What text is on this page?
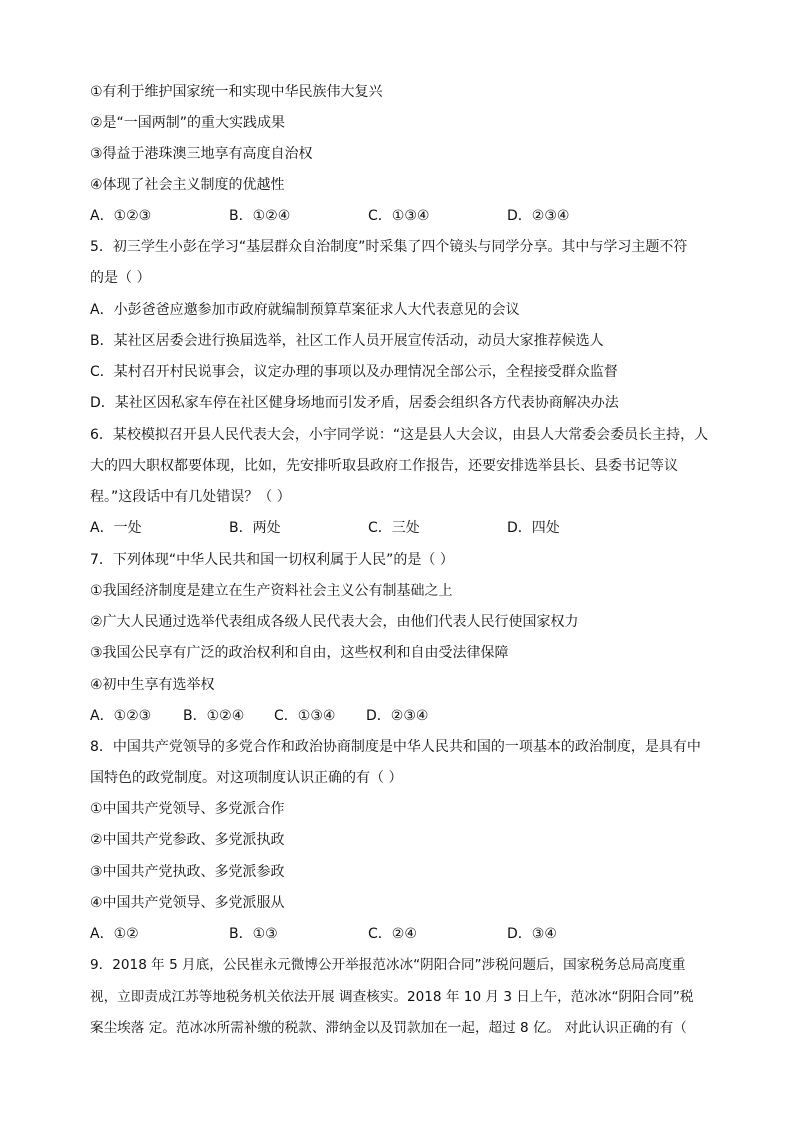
①有利于维护国家统一和实现中华民族伟大复兴
②是“一国两制”的重大实践成果
③得益于港珠澳三地享有高度自治权
④体现了社会主义制度的优越性
A．①②③	B．①②④	C．①③④	D．②③④
5．初三学生小彭在学习“基层群众自治制度”时采集了四个镜头与同学分享。其中与学习主题不符
的是（ ）
A．小彭爸爸应邀参加市政府就编制预算草案征求人大代表意见的会议
B．某社区居委会进行换届选举，社区工作人员开展宣传活动，动员大家推荐候选人
C．某村召开村民说事会，议定办理的事项以及办理情况全部公示，全程接受群众监督
D．某社区因私家车停在社区健身场地而引发矛盾，居委会组织各方代表协商解决办法
6．某校模拟召开县人民代表大会，小宇同学说：“这是县人大会议，由县人大常委会委员长主持，人
大的四大职权都要体现，比如，先安排听取县政府工作报告，还要安排选举县长、县委书记等议
程。”这段话中有几处错误？（ ）
A．一处	B．两处	C．三处	D．四处
7．下列体现“中华人民共和国一切权利属于人民”的是（ ）
①我国经济制度是建立在生产资料社会主义公有制基础之上
②广大人民通过选举代表组成各级人民代表大会，由他们代表人民行使国家权力
③我国公民享有广泛的政治权利和自由，这些权利和自由受法律保障
④初中生享有选举权
A．①②③ B．①②④ C．①③④ D．②③④
8．中国共产党领导的多党合作和政治协商制度是中华人民共和国的一项基本的政治制度，是具有中
国特色的政党制度。对这项制度认识正确的有（ ）
①中国共产党领导、多党派合作
②中国共产党参政、多党派执政
③中国共产党执政、多党派参政
④中国共产党领导、多党派服从
A．①②	B．①③	C．②④	D．③④
9．2018 年 5 月底，公民崔永元微博公开举报范冰冰“阴阳合同”涉税问题后，国家税务总局高度重
视，立即责成江苏等地税务机关依法开展 调查核实。2018 年 10 月 3 日上午，范冰冰“阴阳合同”税
案尘埃落 定。范冰冰所需补缴的税款、滞纳金以及罚款加在一起，超过 8 亿。 对此认识正确的有（
